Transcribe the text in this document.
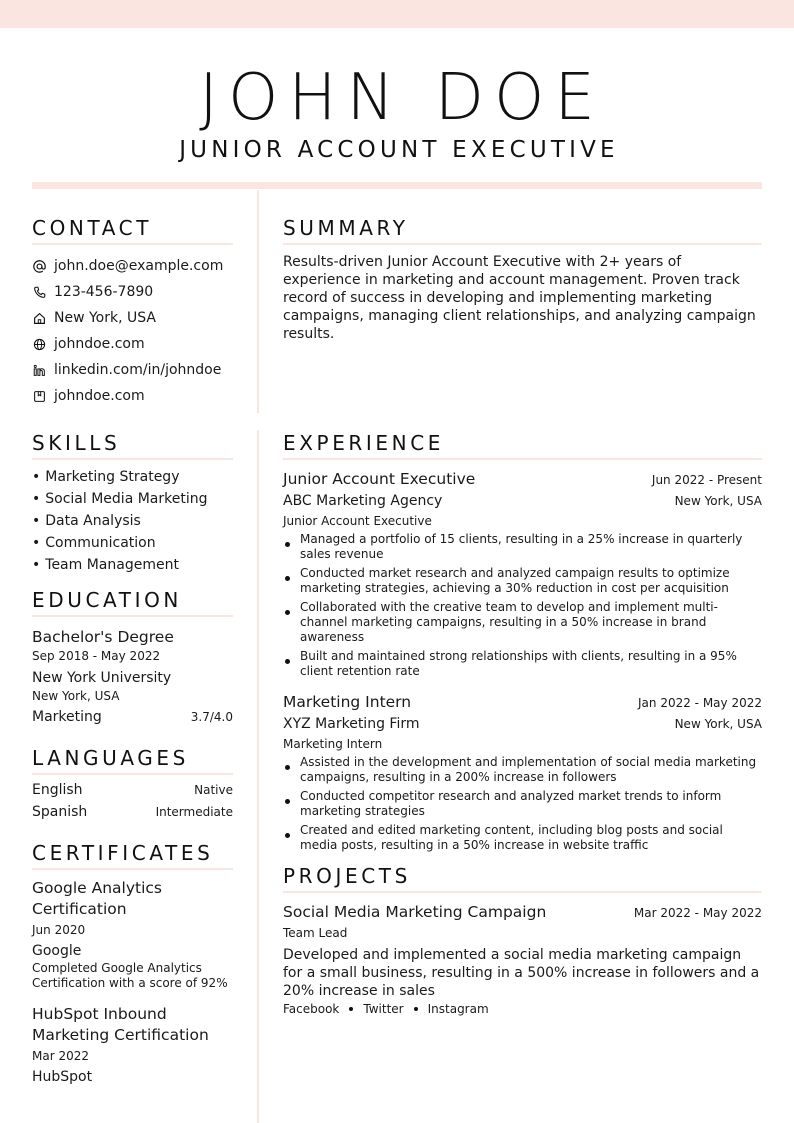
JOHN DOE
JUNIOR ACCOUNT EXECUTIVE
CONTACT
john.doe@example.com
123-456-7890
New York, USA
johndoe.com
linkedin.com/in/johndoe
johndoe.com
SKILLS
• Marketing Strategy
• Social Media Marketing
• Data Analysis
• Communication
• Team Management
EDUCATION
Bachelor's Degree
Sep 2018 - May 2022
New York University
New York, USA
Marketing	3.7/4.0
LANGUAGES
English	Native
Spanish	Intermediate
CERTIFICATES
Google Analytics Certification
Jun 2020
Google
Completed Google Analytics Certification with a score of 92%
HubSpot Inbound Marketing Certification
Mar 2022
HubSpot
SUMMARY
Results-driven Junior Account Executive with 2+ years of experience in marketing and account management. Proven track record of success in developing and implementing marketing campaigns, managing client relationships, and analyzing campaign results.
EXPERIENCE
Junior Account Executive	Jun 2022 - Present
ABC Marketing Agency	New York, USA
Junior Account Executive
Managed a portfolio of 15 clients, resulting in a 25% increase in quarterly sales revenue
Conducted market research and analyzed campaign results to optimize marketing strategies, achieving a 30% reduction in cost per acquisition
Collaborated with the creative team to develop and implement multi-channel marketing campaigns, resulting in a 50% increase in brand awareness
Built and maintained strong relationships with clients, resulting in a 95% client retention rate
Marketing Intern	Jan 2022 - May 2022
XYZ Marketing Firm	New York, USA
Marketing Intern
Assisted in the development and implementation of social media marketing campaigns, resulting in a 200% increase in followers
Conducted competitor research and analyzed market trends to inform marketing strategies
Created and edited marketing content, including blog posts and social media posts, resulting in a 50% increase in website traffic
PROJECTS
Social Media Marketing Campaign	Mar 2022 - May 2022
Team Lead
Developed and implemented a social media marketing campaign for a small business, resulting in a 500% increase in followers and a 20% increase in sales
Facebook Twitter Instagram
